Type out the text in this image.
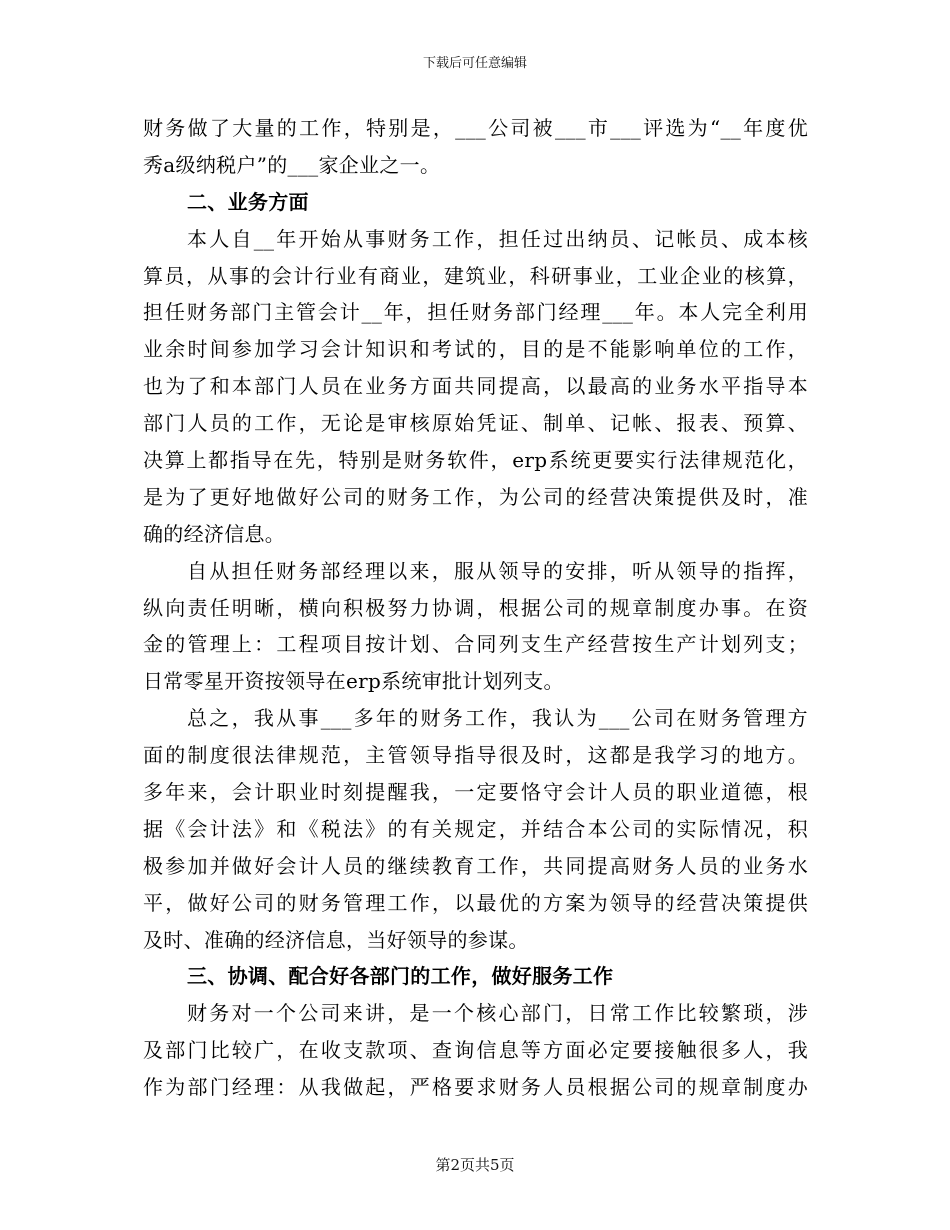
下载后可任意编辑
财务做了大量的工作，特别是，___公司被___市___评选为“__年度优
秀a级纳税户”的___家企业之一。
二、业务方面
本人自__年开始从事财务工作，担任过出纳员、记帐员、成本核
算员，从事的会计行业有商业，建筑业，科研事业，工业企业的核算，
担任财务部门主管会计__年，担任财务部门经理___年。本人完全利用
业余时间参加学习会计知识和考试的，目的是不能影响单位的工作，
也为了和本部门人员在业务方面共同提高，以最高的业务水平指导本
部门人员的工作，无论是审核原始凭证、制单、记帐、报表、预算、
决算上都指导在先，特别是财务软件，erp系统更要实行法律规范化，
是为了更好地做好公司的财务工作，为公司的经营决策提供及时，准
确的经济信息。
自从担任财务部经理以来，服从领导的安排，听从领导的指挥，
纵向责任明晰，横向积极努力协调，根据公司的规章制度办事。在资
金的管理上：工程项目按计划、合同列支生产经营按生产计划列支；
日常零星开资按领导在erp系统审批计划列支。
总之，我从事___多年的财务工作，我认为___公司在财务管理方
面的制度很法律规范，主管领导指导很及时，这都是我学习的地方。
多年来，会计职业时刻提醒我，一定要恪守会计人员的职业道德，根
据《会计法》和《税法》的有关规定，并结合本公司的实际情况，积
极参加并做好会计人员的继续教育工作，共同提高财务人员的业务水
平，做好公司的财务管理工作，以最优的方案为领导的经营决策提供
及时、准确的经济信息，当好领导的参谋。
三、协调、配合好各部门的工作，做好服务工作
财务对一个公司来讲，是一个核心部门，日常工作比较繁琐，涉
及部门比较广，在收支款项、查询信息等方面必定要接触很多人，我
作为部门经理：从我做起，严格要求财务人员根据公司的规章制度办
第2页共5页
